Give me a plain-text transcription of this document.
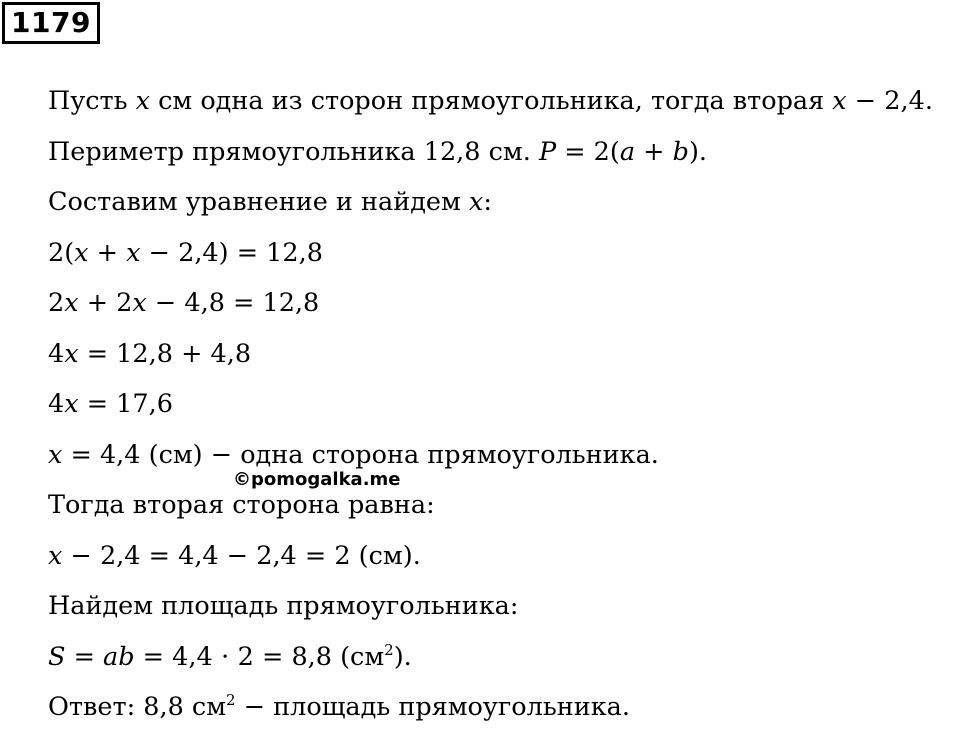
1179
Пусть 𝑥 см одна из сторон прямоугольника, тогда вторая 𝑥 − 2,4.
Периметр прямоугольника 12,8 см. 𝑃 = 2(𝑎 + 𝑏).
Составим уравнение и найдем 𝑥:
2(𝑥 + 𝑥 − 2,4) = 12,8
2𝑥 + 2𝑥 − 4,8 = 12,8
4𝑥 = 12,8 + 4,8
4𝑥 = 17,6
𝑥 = 4,4 (см) − одна сторона прямоугольника.
Тогда вторая сторона равна:
𝑥 − 2,4 = 4,4 − 2,4 = 2 (см).
Найдем площадь прямоугольника:
𝑆 = 𝑎𝑏 = 4,4 ⋅ 2 = 8,8 $(см^2)$.
Ответ: 8,8 $см^2$ − площадь прямоугольника.
©pomogalka.me
